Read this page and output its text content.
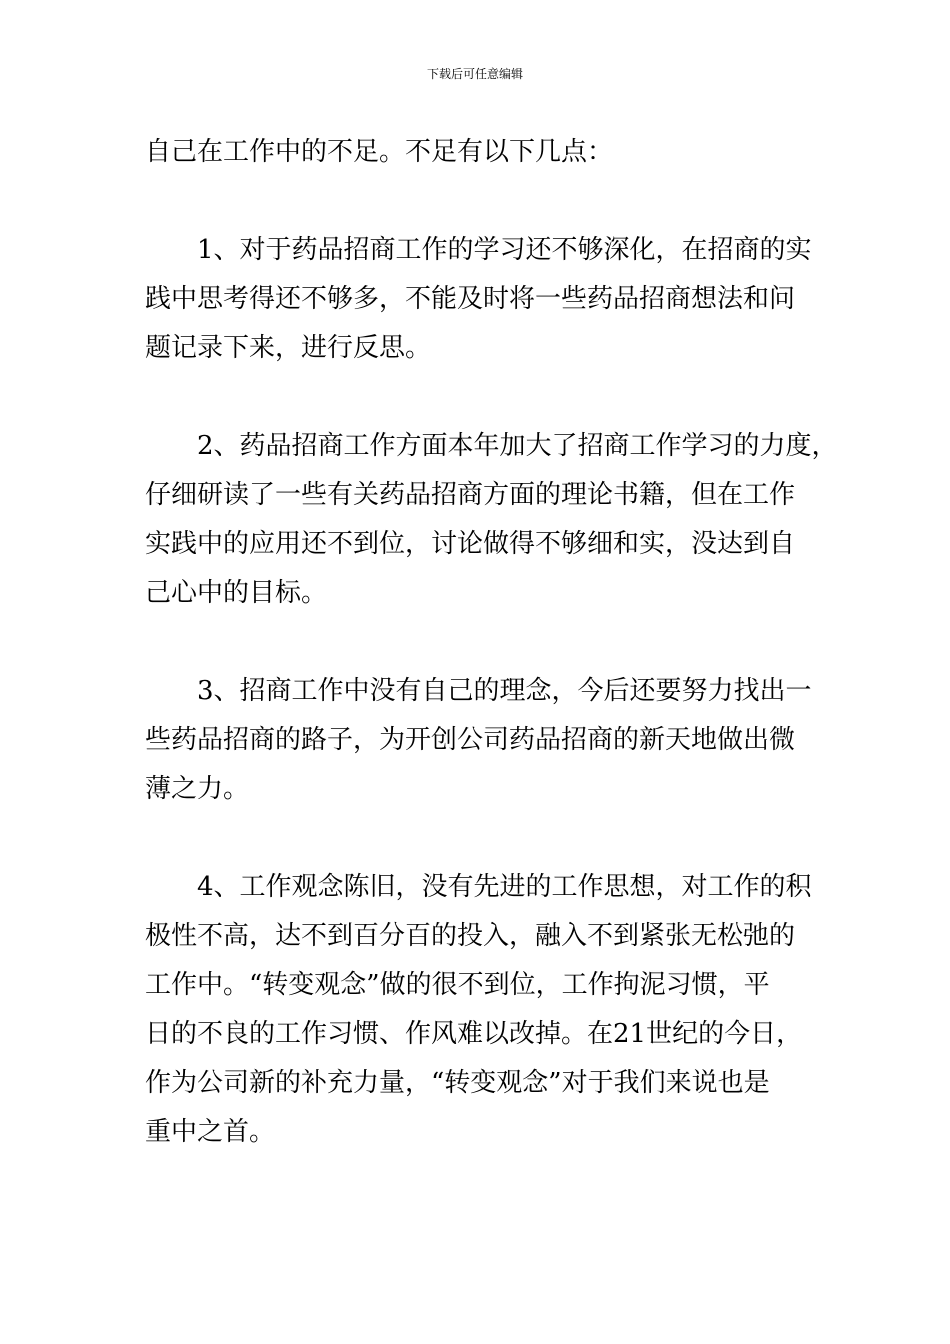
下载后可任意编辑

自己在工作中的不足。不足有以下几点：

1、对于药品招商工作的学习还不够深化，在招商的实
践中思考得还不够多，不能及时将一些药品招商想法和问
题记录下来，进行反思。

2、药品招商工作方面本年加大了招商工作学习的力度，
仔细研读了一些有关药品招商方面的理论书籍，但在工作
实践中的应用还不到位，讨论做得不够细和实，没达到自
己心中的目标。

3、招商工作中没有自己的理念，今后还要努力找出一
些药品招商的路子，为开创公司药品招商的新天地做出微
薄之力。

4、工作观念陈旧，没有先进的工作思想，对工作的积
极性不高，达不到百分百的投入，融入不到紧张无松弛的
工作中。“转变观念”做的很不到位，工作拘泥习惯，平
日的不良的工作习惯、作风难以改掉。在21世纪的今日，
作为公司新的补充力量，“转变观念”对于我们来说也是
重中之首。
